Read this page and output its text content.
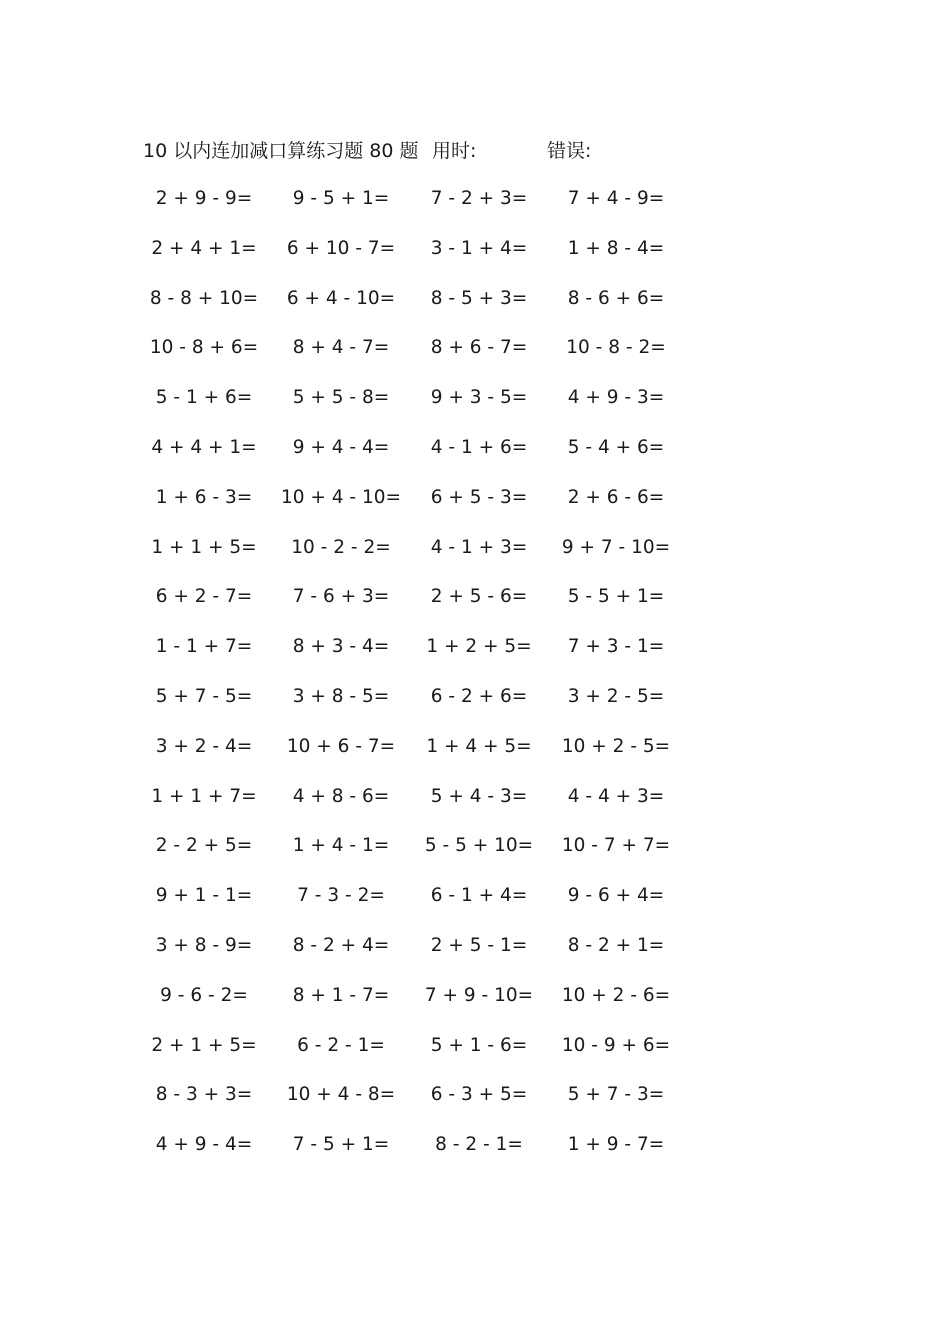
10 以内连加减口算练习题 80 题 用时:	错误:
2 + 9 - 9=	9 - 5 + 1=	7 - 2 + 3=	7 + 4 - 9=
2 + 4 + 1=	6 + 10 - 7=	3 - 1 + 4=	1 + 8 - 4=
8 - 8 + 10=	6 + 4 - 10=	8 - 5 + 3=	8 - 6 + 6=
10 - 8 + 6=	8 + 4 - 7=	8 + 6 - 7=	10 - 8 - 2=
5 - 1 + 6=	5 + 5 - 8=	9 + 3 - 5=	4 + 9 - 3=
4 + 4 + 1=	9 + 4 - 4=	4 - 1 + 6=	5 - 4 + 6=
1 + 6 - 3=	10 + 4 - 10=	6 + 5 - 3=	2 + 6 - 6=
1 + 1 + 5=	10 - 2 - 2=	4 - 1 + 3=	9 + 7 - 10=
6 + 2 - 7=	7 - 6 + 3=	2 + 5 - 6=	5 - 5 + 1=
1 - 1 + 7=	8 + 3 - 4=	1 + 2 + 5=	7 + 3 - 1=
5 + 7 - 5=	3 + 8 - 5=	6 - 2 + 6=	3 + 2 - 5=
3 + 2 - 4=	10 + 6 - 7=	1 + 4 + 5=	10 + 2 - 5=
1 + 1 + 7=	4 + 8 - 6=	5 + 4 - 3=	4 - 4 + 3=
2 - 2 + 5=	1 + 4 - 1=	5 - 5 + 10=	10 - 7 + 7=
9 + 1 - 1=	7 - 3 - 2=	6 - 1 + 4=	9 - 6 + 4=
3 + 8 - 9=	8 - 2 + 4=	2 + 5 - 1=	8 - 2 + 1=
9 - 6 - 2=	8 + 1 - 7=	7 + 9 - 10=	10 + 2 - 6=
2 + 1 + 5=	6 - 2 - 1=	5 + 1 - 6=	10 - 9 + 6=
8 - 3 + 3=	10 + 4 - 8=	6 - 3 + 5=	5 + 7 - 3=
4 + 9 - 4=	7 - 5 + 1=	8 - 2 - 1=	1 + 9 - 7=
